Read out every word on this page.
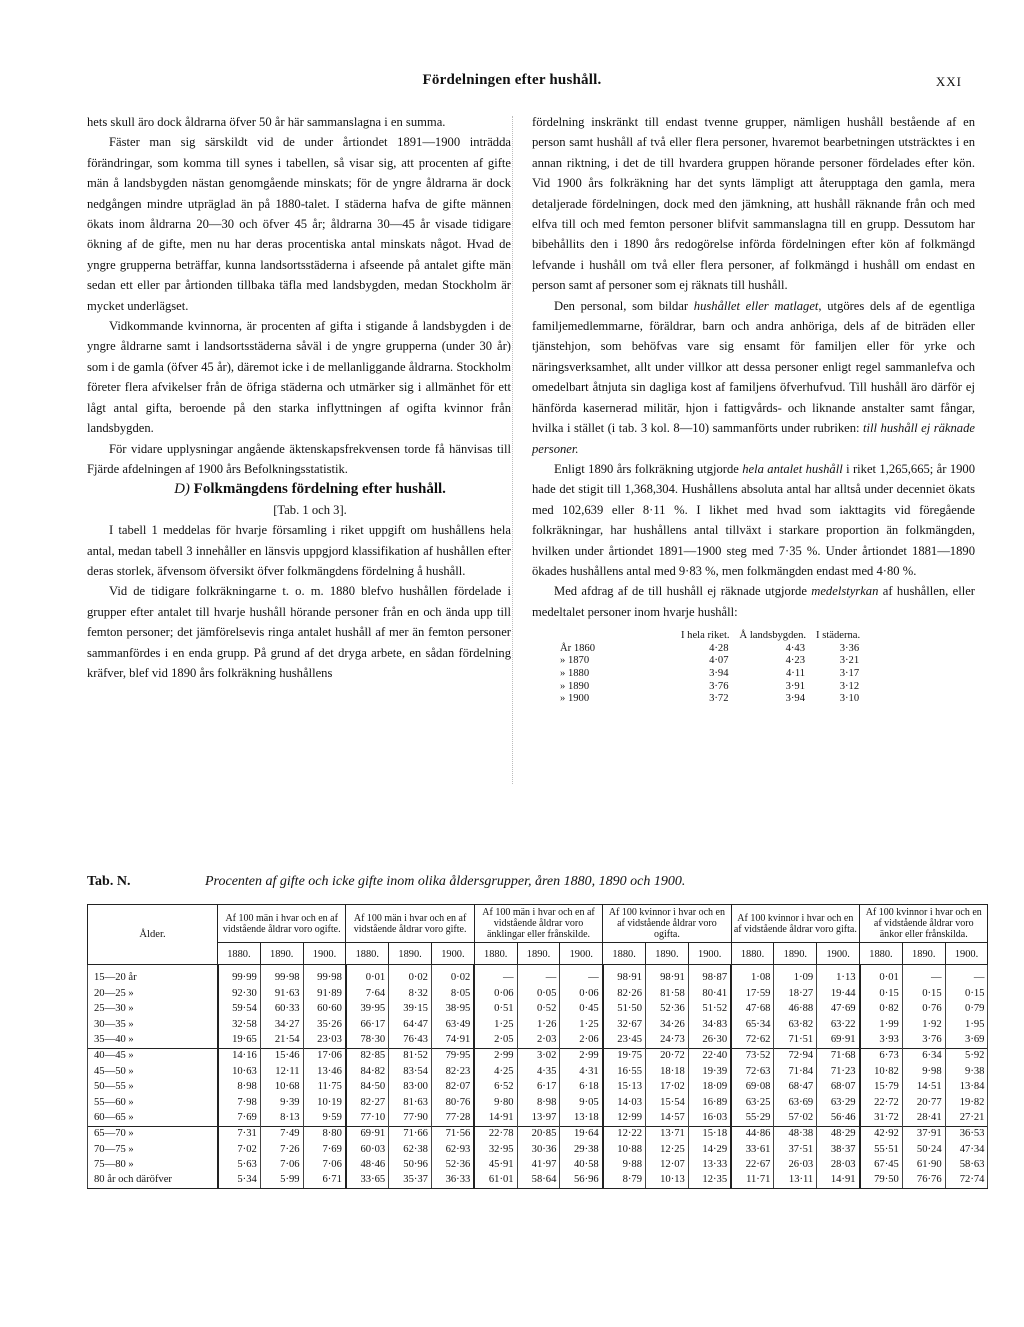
Fördelningen efter hushåll.	XXI

hets skull äro dock åldrarna öfver 50 år här sammanslagna i en summa.

Fäster man sig särskildt vid de under årtiondet 1891—1900 inträdda förändringar, som komma till synes i tabellen, så visar sig, att procenten af gifte män å landsbygden nästan genomgående minskats; för de yngre åldrarna är dock nedgången mindre utpräglad än på 1880-talet. I städerna hafva de gifte männen ökats inom åldrarna 20—30 och öfver 45 år; åldrarna 30—45 år visade tidigare ökning af de gifte, men nu har deras procentiska antal minskats något. Hvad de yngre grupperna beträffar, kunna landsortsstäderna i afseende på antalet gifte män sedan ett eller par årtionden tillbaka täfla med landsbygden, medan Stockholm är mycket underlägset.

Vidkommande kvinnorna, är procenten af gifta i stigande å landsbygden i de yngre åldrarne samt i landsortsstäderna såväl i de yngre grupperna (under 30 år) som i de gamla (öfver 45 år), däremot icke i de mellanliggande åldrarna. Stockholm företer flera afvikelser från de öfriga städerna och utmärker sig i allmänhet för ett lågt antal gifta, beroende på den starka inflyttningen af ogifta kvinnor från landsbygden.

För vidare upplysningar angående äktenskapsfrekvensen torde få hänvisas till Fjärde afdelningen af 1900 års Befolkningsstatistik.

D) Folkmängdens fördelning efter hushåll.

[Tab. 1 och 3].

I tabell 1 meddelas för hvarje församling i riket uppgift om hushållens hela antal, medan tabell 3 innehåller en länsvis uppgjord klassifikation af hushållen efter deras storlek, äfvensom öfversikt öfver folkmängdens fördelning å hushåll.

Vid de tidigare folkräkningarne t. o. m. 1880 blefvo hushållen fördelade i grupper efter antalet till hvarje hushåll hörande personer från en och ända upp till femton personer; det jämförelsevis ringa antalet hushåll af mer än femton personer sammanfördes i en enda grupp. På grund af det dryga arbete, en sådan fördelning kräfver, blef vid 1890 års folkräkning hushållens

fördelning inskränkt till endast tvenne grupper, nämligen hushåll bestående af en person samt hushåll af två eller flera personer, hvaremot bearbetningen utsträcktes i en annan riktning, i det de till hvardera gruppen hörande personer fördelades efter kön. Vid 1900 års folkräkning har det synts lämpligt att återupptaga den gamla, mera detaljerade fördelningen, dock med den jämkning, att hushåll räknande från och med elfva till och med femton personer blifvit sammanslagna till en grupp. Dessutom har bibehållits den i 1890 års redogörelse införda fördelningen efter kön af folkmängd lefvande i hushåll om två eller flera personer, af folkmängd i hushåll om endast en person samt af personer som ej räknats till hushåll.

Den personal, som bildar hushållet eller matlaget, utgöres dels af de egentliga familjemedlemmarne, föräldrar, barn och andra anhöriga, dels af de biträden eller tjänstehjon, som behöfvas vare sig ensamt för familjen eller för yrke och näringsverksamhet, allt under villkor att dessa personer enligt regel sammanlefva och omedelbart åtnjuta sin dagliga kost af familjens öfverhufvud. Till hushåll äro därför ej hänförda kasernerad militär, hjon i fattigvårds- och liknande anstalter samt fångar, hvilka i stället (i tab. 3 kol. 8—10) sammanförts under rubriken: till hushåll ej räknade personer.

Enligt 1890 års folkräkning utgjorde hela antalet hushåll i riket 1,265,665; år 1900 hade det stigit till 1,368,304. Hushållens absoluta antal har alltså under decenniet ökats med 102,639 eller 8·11 %. I likhet med hvad som iakttagits vid föregående folkräkningar, har hushållens antal tillväxt i starkare proportion än folkmängden, hvilken under årtiondet 1891—1900 steg med 7·35 %. Under årtiondet 1881—1890 ökades hushållens antal med 9·83 %, men folkmängden endast med 4·80 %.

Med afdrag af de till hushåll ej räknade utgjorde medelstyrkan af hushållen, eller medeltalet personer inom hvarje hushåll:

	I hela riket.	Å landsbygden.	I städerna.
År 1860	4·28	4·43	3·36
» 1870	4·07	4·23	3·21
» 1880	3·94	4·11	3·17
» 1890	3·76	3·91	3·12
» 1900	3·72	3·94	3·10
Tab. N.	Procenten af gifte och icke gifte inom olika åldersgrupper, åren 1880, 1890 och 1900.
Ålder.	Af 100 män i hvar och en af vidstående åldrar voro ogifte.			Af 100 män i hvar och en af vidstående åldrar voro gifte.			Af 100 män i hvar och en af vidstående åldrar voro änklingar eller frånskilde.			Af 100 kvinnor i hvar och en af vidstående åldrar voro ogifta.			Af 100 kvinnor i hvar och en af vidstående åldrar voro gifta.			Af 100 kvinnor i hvar och en af vidstående åldrar voro änkor eller frånskilda.		
	1880.	1890.	1900.	1880.	1890.	1900.	1880.	1890.	1900.	1880.	1890.	1900.	1880.	1890.	1900.	1880.	1890.	1900.
15—20 år	99·99	99·98	99·98	0·01	0·02	0·02	—	—	—	98·91	98·91	98·87	1·08	1·09	1·13	0·01	—	—
20—25 »	92·30	91·63	91·89	7·64	8·32	8·05	0·06	0·05	0·06	82·26	81·58	80·41	17·59	18·27	19·44	0·15	0·15	0·15
25—30 »	59·54	60·33	60·60	39·95	39·15	38·95	0·51	0·52	0·45	51·50	52·36	51·52	47·68	46·88	47·69	0·82	0·76	0·79
30—35 »	32·58	34·27	35·26	66·17	64·47	63·49	1·25	1·26	1·25	32·67	34·26	34·83	65·34	63·82	63·22	1·99	1·92	1·95
35—40 »	19·65	21·54	23·03	78·30	76·43	74·91	2·05	2·03	2·06	23·45	24·73	26·30	72·62	71·51	69·91	3·93	3·76	3·69
40—45 »	14·16	15·46	17·06	82·85	81·52	79·95	2·99	3·02	2·99	19·75	20·72	22·40	73·52	72·94	71·68	6·73	6·34	5·92
45—50 »	10·63	12·11	13·46	84·82	83·54	82·23	4·25	4·35	4·31	16·55	18·18	19·39	72·63	71·84	71·23	10·82	9·98	9·38
50—55 »	8·98	10·68	11·75	84·50	83·00	82·07	6·52	6·17	6·18	15·13	17·02	18·09	69·08	68·47	68·07	15·79	14·51	13·84
55—60 »	7·98	9·39	10·19	82·27	81·63	80·76	9·80	8·98	9·05	14·03	15·54	16·89	63·25	63·69	63·29	22·72	20·77	19·82
60—65 »	7·69	8·13	9·59	77·10	77·90	77·28	14·91	13·97	13·18	12·99	14·57	16·03	55·29	57·02	56·46	31·72	28·41	27·21
65—70 »	7·31	7·49	8·80	69·91	71·66	71·56	22·78	20·85	19·64	12·22	13·71	15·18	44·86	48·38	48·29	42·92	37·91	36·53
70—75 »	7·02	7·26	7·69	60·03	62·38	62·93	32·95	30·36	29·38	10·88	12·25	14·29	33·61	37·51	38·37	55·51	50·24	47·34
75—80 »	5·63	7·06	7·06	48·46	50·96	52·36	45·91	41·97	40·58	9·88	12·07	13·33	22·67	26·03	28·03	67·45	61·90	58·63
80 år och däröfver	5·34	5·99	6·71	33·65	35·37	36·33	61·01	58·64	56·96	8·79	10·13	12·35	11·71	13·11	14·91	79·50	76·76	72·74
